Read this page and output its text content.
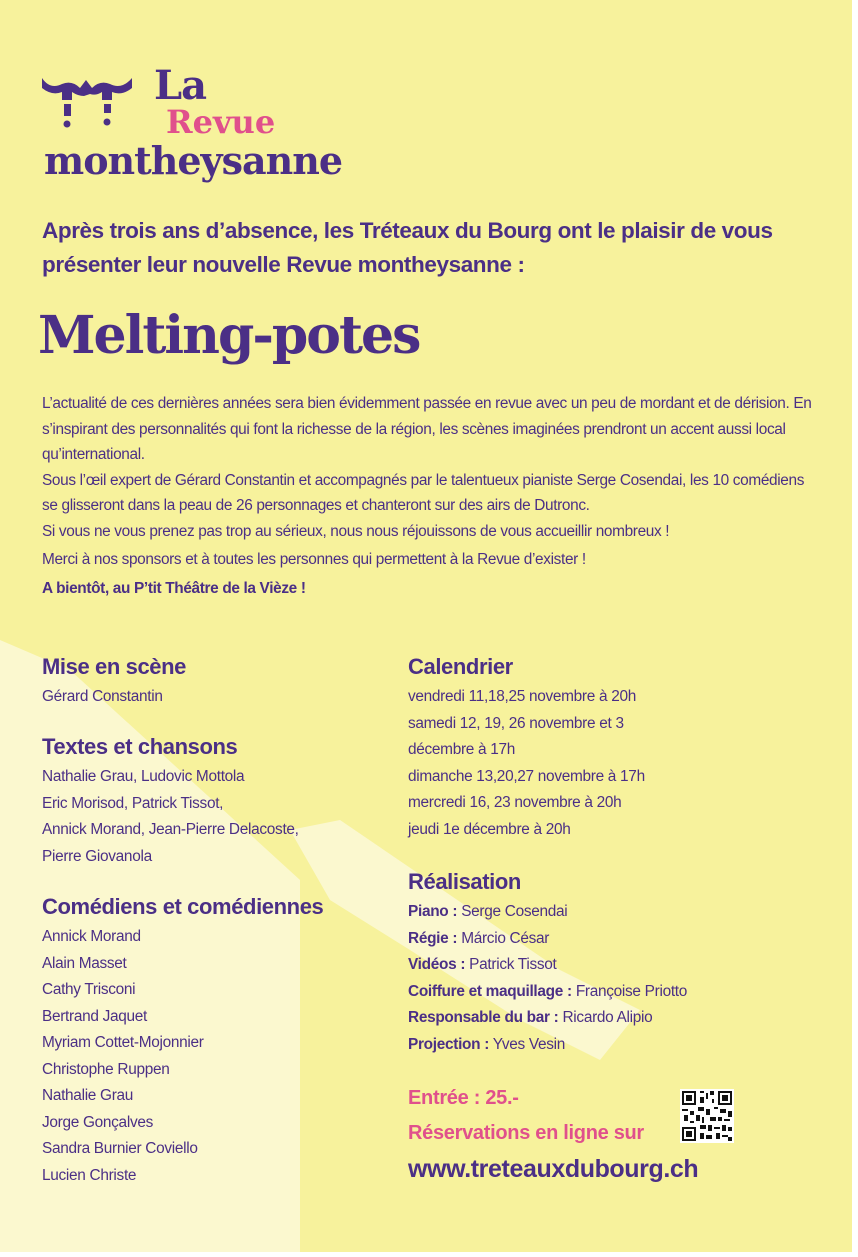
La
Revue
montheysanne
Après trois ans d’absence, les Tréteaux du Bourg ont le plaisir de vous présenter leur nouvelle Revue montheysanne :
Melting-potes

L’actualité de ces dernières années sera bien évidemment passée en revue avec un peu de mordant et de dérision. En s’inspirant des personnalités qui font la richesse de la région, les scènes imaginées prendront un accent aussi local qu’international.

Sous l’œil expert de Gérard Constantin et accompagnés par le talentueux pianiste Serge Cosendai, les 10 comédiens se glisseront dans la peau de 26 personnages et chanteront sur des airs de Dutronc.

Si vous ne vous prenez pas trop au sérieux, nous nous réjouissons de vous accueillir nombreux !

Merci à nos sponsors et à toutes les personnes qui permettent à la Revue d’exister !

A bientôt, au P’tit Théâtre de la Vièze !

Mise en scène
Gérard Constantin
Textes et chansons
Nathalie Grau, Ludovic Mottola
Eric Morisod, Patrick Tissot,
Annick Morand, Jean-Pierre Delacoste,
Pierre Giovanola
Comédiens et comédiennes
Annick Morand
Alain Masset
Cathy Trisconi
Bertrand Jaquet
Myriam Cottet-Mojonnier
Christophe Ruppen
Nathalie Grau
Jorge Gonçalves
Sandra Burnier Coviello
Lucien Christe
Calendrier
vendredi 11,18,25 novembre à 20h
samedi 12, 19, 26 novembre et 3
décembre à 17h
dimanche 13,20,27 novembre à 17h
mercredi 16, 23 novembre à 20h
jeudi 1e décembre à 20h
Réalisation
Piano : Serge Cosendai
Régie : Márcio César
Vidéos : Patrick Tissot
Coiffure et maquillage : Françoise Priotto
Responsable du bar : Ricardo Alipio
Projection : Yves Vesin
Entrée : 25.-
Réservations en ligne sur
www.treteauxdubourg.ch
